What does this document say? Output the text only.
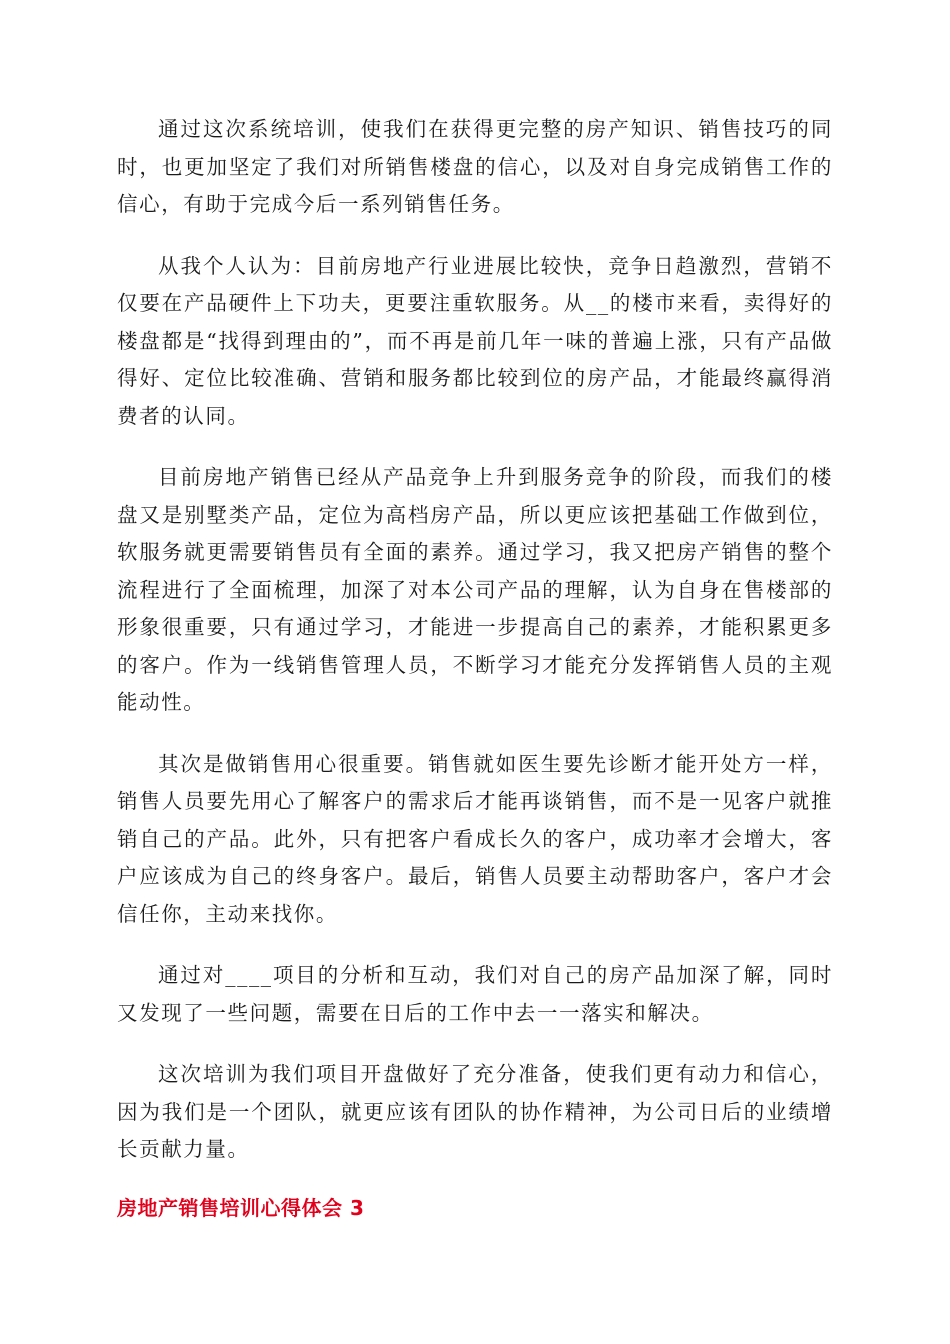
通过这次系统培训，使我们在获得更完整的房产知识、销售技巧的同时，也更加坚定了我们对所销售楼盘的信心，以及对自身完成销售工作的信心，有助于完成今后一系列销售任务。

从我个人认为：目前房地产行业进展比较快，竞争日趋激烈，营销不仅要在产品硬件上下功夫，更要注重软服务。从__的楼市来看，卖得好的楼盘都是“找得到理由的”，而不再是前几年一味的普遍上涨，只有产品做得好、定位比较准确、营销和服务都比较到位的房产品，才能最终赢得消费者的认同。

目前房地产销售已经从产品竞争上升到服务竞争的阶段，而我们的楼盘又是别墅类产品，定位为高档房产品，所以更应该把基础工作做到位，软服务就更需要销售员有全面的素养。通过学习，我又把房产销售的整个流程进行了全面梳理，加深了对本公司产品的理解，认为自身在售楼部的形象很重要，只有通过学习，才能进一步提高自己的素养，才能积累更多的客户。作为一线销售管理人员，不断学习才能充分发挥销售人员的主观能动性。

其次是做销售用心很重要。销售就如医生要先诊断才能开处方一样，销售人员要先用心了解客户的需求后才能再谈销售，而不是一见客户就推销自己的产品。此外，只有把客户看成长久的客户，成功率才会增大，客户应该成为自己的终身客户。最后，销售人员要主动帮助客户，客户才会信任你，主动来找你。

通过对____项目的分析和互动，我们对自己的房产品加深了解，同时又发现了一些问题，需要在日后的工作中去一一落实和解决。

这次培训为我们项目开盘做好了充分准备，使我们更有动力和信心，因为我们是一个团队，就更应该有团队的协作精神，为公司日后的业绩增长贡献力量。

房地产销售培训心得体会 3
